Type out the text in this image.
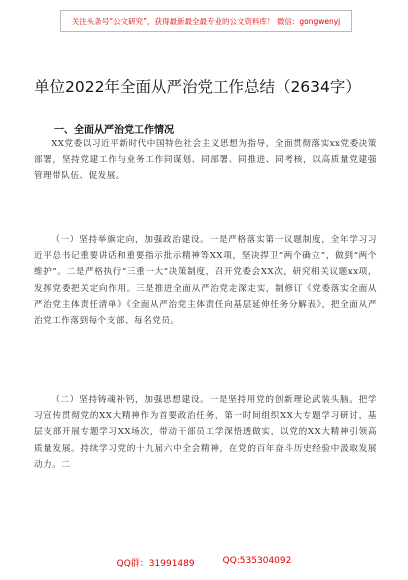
关注头条号“公文研究”，获得最新最全最专业的公文资料库！ 微信：gongwenyj
单位2022年全面从严治党工作总结（2634字）
一、全面从严治党工作情况

XX党委以习近平新时代中国特色社会主义思想为指导，全面贯彻落实xx党委决策部署，坚持党建工作与业务工作同谋划、同部署、同推进、同考核，以高质量党建强管理带队伍、促发展。

（一）坚持举旗定向，加强政治建设。一是严格落实第一议题制度，全年学习习近平总书记重要讲话和重要指示批示精神等XX项，坚决捍卫“两个确立”，做到“两个维护”。二是严格执行“三重一大”决策制度，召开党委会XX次，研究相关议题xx项，发挥党委把关定向作用。三是推进全面从严治党走深走实，制修订《党委落实全面从严治党主体责任清单》《全面从严治党主体责任向基层延伸任务分解表》，把全面从严治党工作落到每个支部、每名党员。

（二）坚持铸魂补钙，加强思想建设。一是坚持用党的创新理论武装头脑。把学习宣传贯彻党的XX大精神作为首要政治任务，第一时间组织XX大专题学习研讨，基层支部开展专题学习XX场次，带动干部员工学深悟透做实，以党的XX大精神引领高质量发展。持续学习党的十九届六中全会精神，在党的百年奋斗历史经验中汲取发展动力。二

QQ群：31991489	QQ:535304092
